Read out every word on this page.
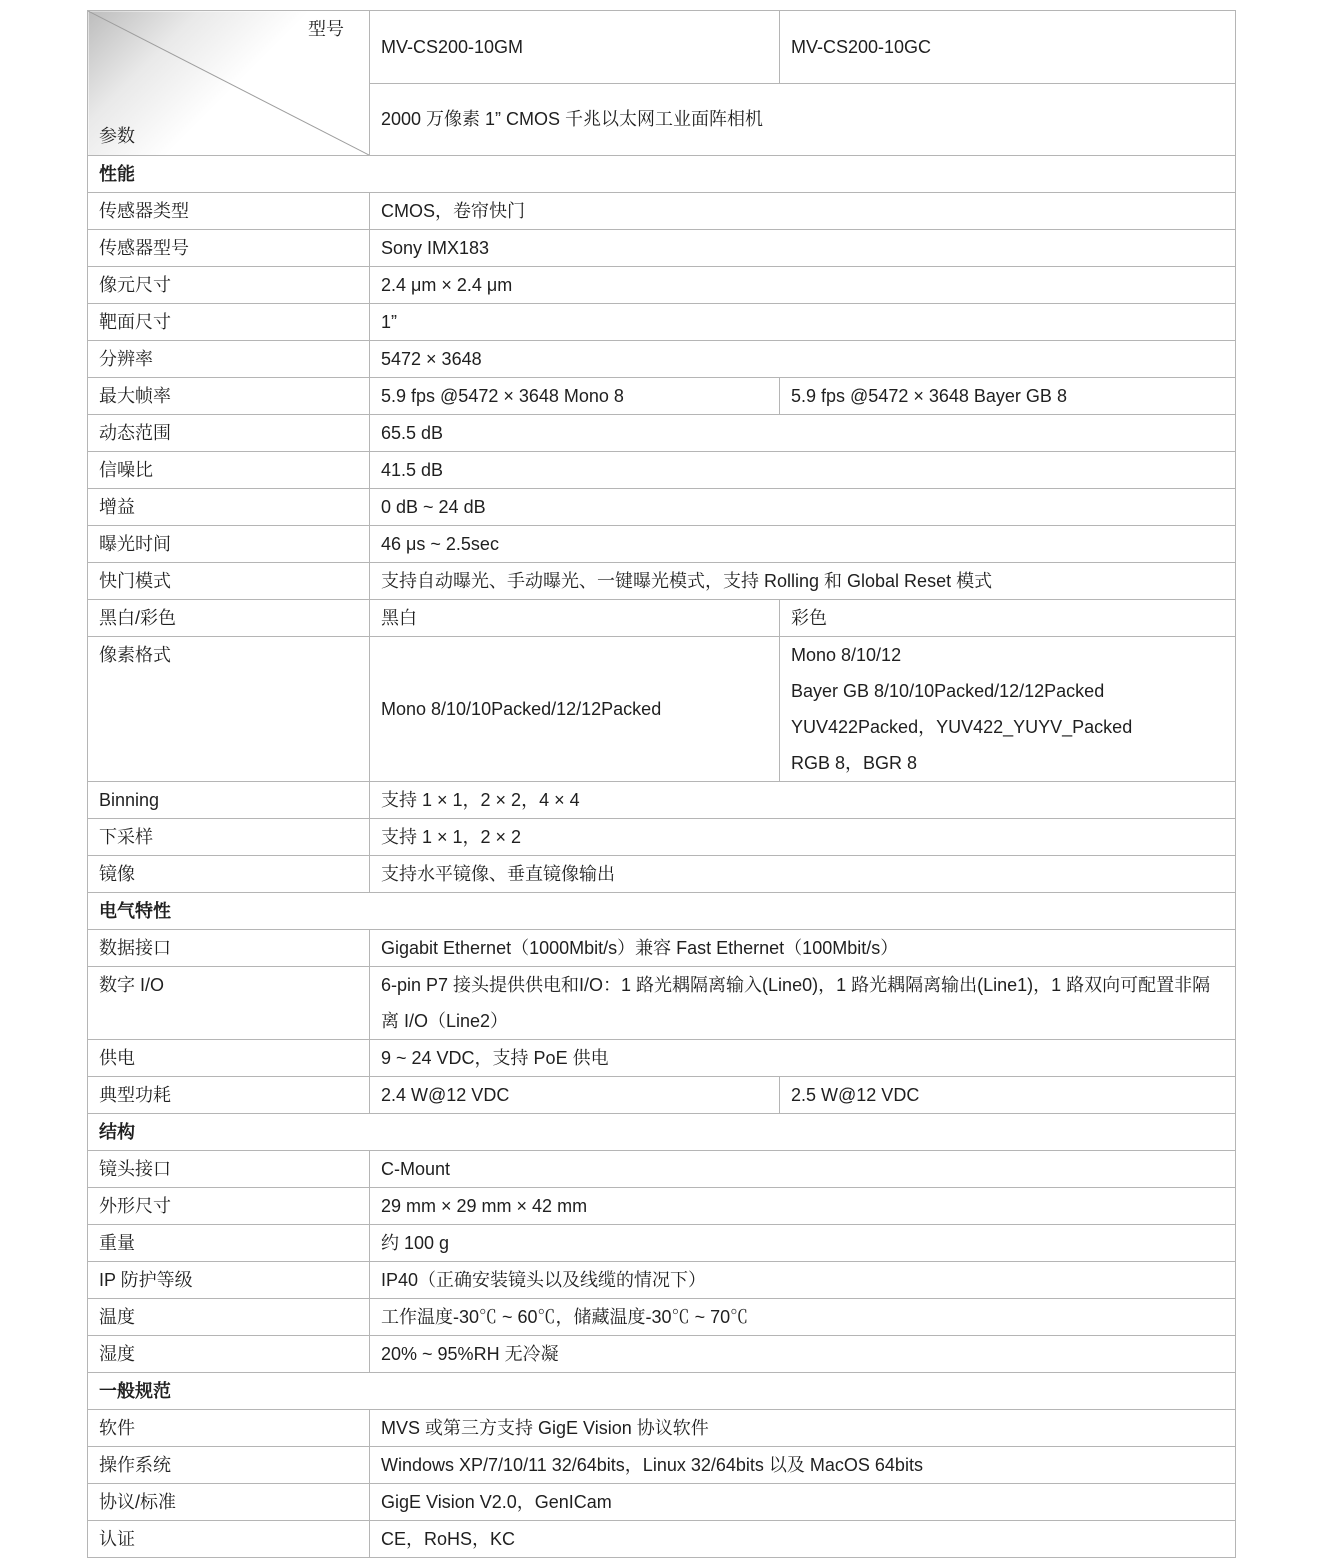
型号

参数	MV-CS200-10GM	MV-CS200-10GC
	2000 万像素 1” CMOS 千兆以太网工业面阵相机	
性能		
传感器类型	CMOS，卷帘快门	
传感器型号	Sony IMX183	
像元尺寸	2.4 μm × 2.4 μm	
靶面尺寸	1”	
分辨率	5472 × 3648	
最大帧率	5.9 fps @5472 × 3648 Mono 8	5.9 fps @5472 × 3648 Bayer GB 8
动态范围	65.5 dB	
信噪比	41.5 dB	
增益	0 dB ~ 24 dB	
曝光时间	46 μs ~ 2.5sec	
快门模式	支持自动曝光、手动曝光、一键曝光模式，支持 Rolling 和 Global Reset 模式	
黑白/彩色	黑白	彩色
像素格式	Mono 8/10/10Packed/12/12Packed	Mono 8/10/12
Bayer GB 8/10/10Packed/12/12Packed
YUV422Packed，YUV422_YUYV_Packed
RGB 8，BGR 8
Binning	支持 1 × 1，2 × 2，4 × 4	
下采样	支持 1 × 1，2 × 2	
镜像	支持水平镜像、垂直镜像输出	
电气特性		
数据接口	Gigabit Ethernet（1000Mbit/s）兼容 Fast Ethernet（100Mbit/s）	
数字 I/O	6-pin P7 接头提供供电和I/O：1 路光耦隔离输入(Line0)，1 路光耦隔离输出(Line1)，1 路双向可配置非隔离 I/O（Line2）	
供电	9 ~ 24 VDC，支持 PoE 供电	
典型功耗	2.4 W@12 VDC	2.5 W@12 VDC
结构		
镜头接口	C-Mount	
外形尺寸	29 mm × 29 mm × 42 mm	
重量	约 100 g	
IP 防护等级	IP40（正确安装镜头以及线缆的情况下）	
温度	工作温度-30℃ ~ 60℃，储藏温度-30℃ ~ 70℃	
湿度	20% ~ 95%RH 无冷凝	
一般规范		
软件	MVS 或第三方支持 GigE Vision 协议软件	
操作系统	Windows XP/7/10/11 32/64bits，Linux 32/64bits 以及 MacOS 64bits	
协议/标准	GigE Vision V2.0，GenICam	
认证	CE，RoHS，KC	
